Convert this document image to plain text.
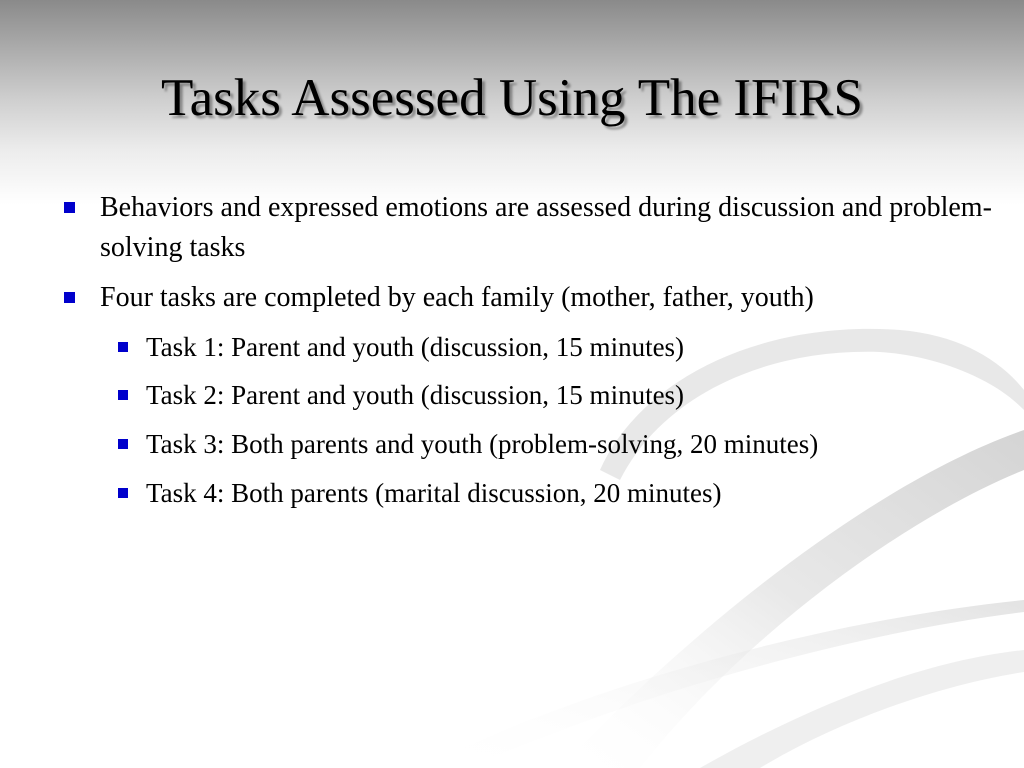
Tasks Assessed Using The IFIRS
Behaviors and expressed emotions are assessed during discussion and problem-solving tasks
Four tasks are completed by each family (mother, father, youth)
Task 1: Parent and youth (discussion, 15 minutes)
Task 2: Parent and youth (discussion, 15 minutes)
Task 3: Both parents and youth (problem-solving, 20 minutes)
Task 4: Both parents (marital discussion, 20 minutes)
